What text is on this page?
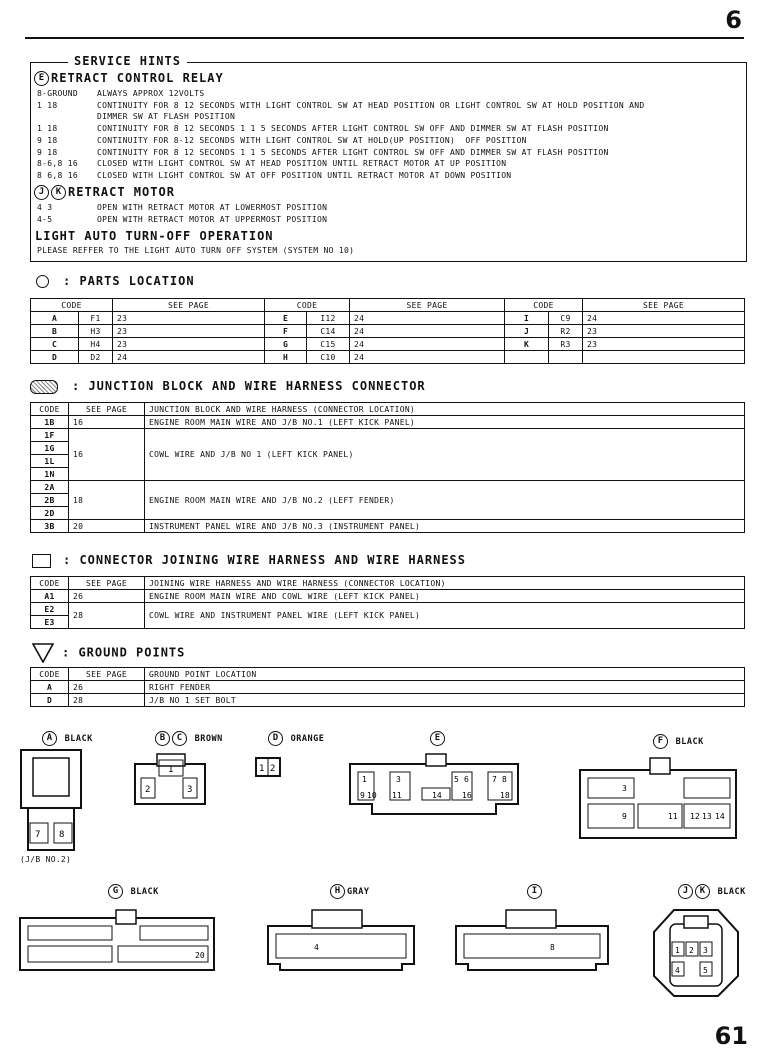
6
SERVICE HINTS
E RETRACT CONTROL RELAY
8-GROUND ALWAYS APPROX 12VOLTS
1 18	CONTINUITY FOR 8 12 SECONDS WITH LIGHT CONTROL SW AT HEAD POSITION OR LIGHT CONTROL SW AT HOLD POSITION AND
DIMMER SW AT FLASH POSITION
1 18	CONTINUITY FOR 8 12 SECONDS 1 1 5 SECONDS AFTER LIGHT CONTROL SW OFF AND DIMMER SW AT FLASH POSITION
9 18	CONTINUITY FOR 8-12 SECONDS WITH LIGHT CONTROL SW AT HOLD(UP POSITION)  OFF POSITION
9 18	CONTINUITY FOR 8 12 SECONDS 1 1 5 SECONDS AFTER LIGHT CONTROL SW OFF AND DIMMER SW AT FLASH POSITION
8-6,8 16 CLOSED WITH LIGHT CONTROL SW AT HEAD POSITION UNTIL RETRACT MOTOR AT UP POSITION
8 6,8 16 CLOSED WITH LIGHT CONTROL SW AT OFF POSITION UNTIL RETRACT MOTOR AT DOWN POSITION
J K RETRACT MOTOR
4 3	OPEN WITH RETRACT MOTOR AT LOWERMOST POSITION
4-5	OPEN WITH RETRACT MOTOR AT UPPERMOST POSITION
LIGHT AUTO TURN-OFF OPERATION
PLEASE REFFER TO THE LIGHT AUTO TURN OFF SYSTEM (SYSTEM NO 10)
: PARTS LOCATION
CODE		SEE PAGE	CODE		SEE PAGE	CODE		SEE PAGE
A	F1	23	E	I12	24	I	C9	24
B	H3	23	F	C14	24	J	R2	23
C	H4	23	G	C15	24	K	R3	23
D	D2	24	H	C10	24			
: JUNCTION BLOCK AND WIRE HARNESS CONNECTOR
CODE	SEE PAGE	JUNCTION BLOCK AND WIRE HARNESS (CONNECTOR LOCATION)
1B	16	ENGINE ROOM MAIN WIRE AND J/B NO.1 (LEFT KICK PANEL)
1F	16	COWL WIRE AND J/B NO 1 (LEFT KICK PANEL)
1G		
1L		
1N		
2A	18	ENGINE ROOM MAIN WIRE AND J/B NO.2 (LEFT FENDER)
2B		
2D		
3B	20	INSTRUMENT PANEL WIRE AND J/B NO.3 (INSTRUMENT PANEL)
: CONNECTOR JOINING WIRE HARNESS AND WIRE HARNESS
CODE	SEE PAGE	JOINING WIRE HARNESS AND WIRE HARNESS (CONNECTOR LOCATION)
A1	26	ENGINE ROOM MAIN WIRE AND COWL WIRE (LEFT KICK PANEL)
E2	28	COWL WIRE AND INSTRUMENT PANEL WIRE (LEFT KICK PANEL)
E3		
: GROUND POINTS
CODE	SEE PAGE	GROUND POINT LOCATION
A	26	RIGHT FENDER
D	28	J/B NO 1 SET BOLT
A BLACK
7 8
(J/B NO.2)
B C BROWN
1
2	3
D ORANGE
1 2
E
1	3	5 6	7 8
9 10 11	14	16	18
F BLACK
3
9	11 12 13 14
G BLACK
20
H GRAY
4
I
8
J K BLACK
1 2 3
4	5
61
